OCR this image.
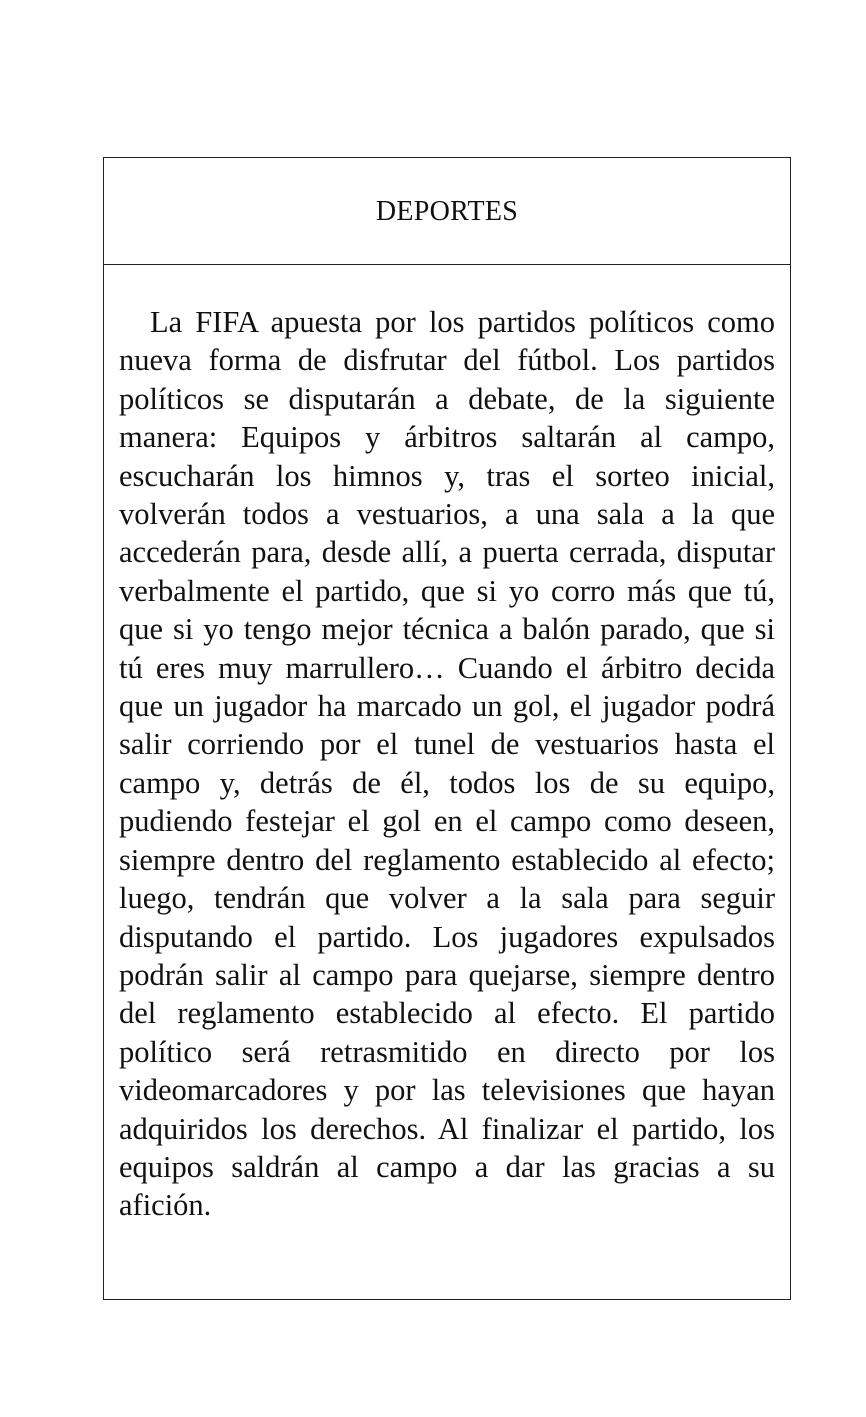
DEPORTES

La FIFA apuesta por los partidos políticos como nueva forma de disfrutar del fútbol. Los partidos políticos se disputarán a debate, de la siguiente manera: Equipos y árbitros saltarán al campo, escucharán los himnos y, tras el sorteo inicial, volverán todos a vestuarios, a una sala a la que accederán para, desde allí, a puerta cerrada, disputar verbalmente el partido, que si yo corro más que tú, que si yo tengo mejor técnica a balón parado, que si tú eres muy marrullero… Cuando el árbitro decida que un jugador ha marcado un gol, el jugador podrá salir corriendo por el tunel de vestuarios hasta el campo y, detrás de él, todos los de su equipo, pudiendo festejar el gol en el campo como deseen, siempre dentro del reglamento establecido al efecto; luego, tendrán que volver a la sala para seguir disputando el partido. Los jugadores expulsados podrán salir al campo para quejarse, siempre dentro del reglamento establecido al efecto. El partido político será retrasmitido en directo por los videomarcadores y por las televisiones que hayan adquiridos los derechos. Al finalizar el partido, los equipos saldrán al campo a dar las gracias a su afición.
